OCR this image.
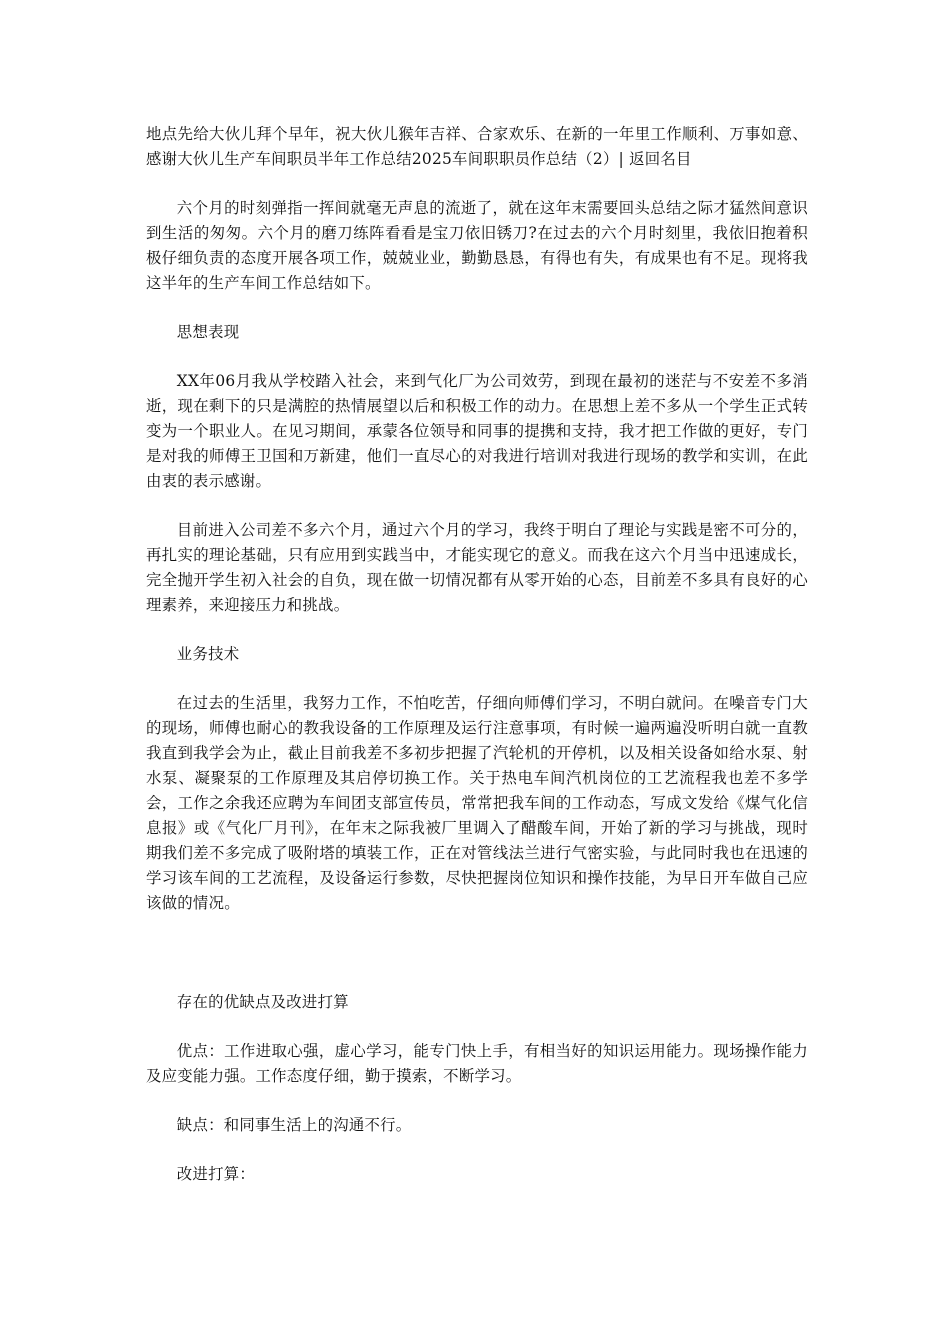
地点先给大伙儿拜个早年，祝大伙儿猴年吉祥、合家欢乐、在新的一年里工作顺利、万事如意、感谢大伙儿生产车间职员半年工作总结2025车间职职员作总结（2）| 返回名目

六个月的时刻弹指一挥间就毫无声息的流逝了，就在这年末需要回头总结之际才猛然间意识到生活的匆匆。六个月的磨刀练阵看看是宝刀依旧锈刀?在过去的六个月时刻里，我依旧抱着积极仔细负责的态度开展各项工作，兢兢业业，勤勤恳恳，有得也有失，有成果也有不足。现将我这半年的生产车间工作总结如下。

思想表现

XX年06月我从学校踏入社会，来到气化厂为公司效劳，到现在最初的迷茫与不安差不多消逝，现在剩下的只是满腔的热情展望以后和积极工作的动力。在思想上差不多从一个学生正式转变为一个职业人。在见习期间，承蒙各位领导和同事的提携和支持，我才把工作做的更好，专门是对我的师傅王卫国和万新建，他们一直尽心的对我进行培训对我进行现场的教学和实训，在此由衷的表示感谢。

目前进入公司差不多六个月，通过六个月的学习，我终于明白了理论与实践是密不可分的，再扎实的理论基础，只有应用到实践当中，才能实现它的意义。而我在这六个月当中迅速成长，完全抛开学生初入社会的自负，现在做一切情况都有从零开始的心态，目前差不多具有良好的心理素养，来迎接压力和挑战。

业务技术

在过去的生活里，我努力工作，不怕吃苦，仔细向师傅们学习，不明白就问。在噪音专门大的现场，师傅也耐心的教我设备的工作原理及运行注意事项，有时候一遍两遍没听明白就一直教我直到我学会为止，截止目前我差不多初步把握了汽轮机的开停机，以及相关设备如给水泵、射水泵、凝聚泵的工作原理及其启停切换工作。关于热电车间汽机岗位的工艺流程我也差不多学会，工作之余我还应聘为车间团支部宣传员，常常把我车间的工作动态，写成文发给《煤气化信息报》或《气化厂月刊》，在年末之际我被厂里调入了醋酸车间，开始了新的学习与挑战，现时期我们差不多完成了吸附塔的填装工作，正在对管线法兰进行气密实验，与此同时我也在迅速的学习该车间的工艺流程，及设备运行参数，尽快把握岗位知识和操作技能，为早日开车做自己应该做的情况。

存在的优缺点及改进打算

优点：工作进取心强，虚心学习，能专门快上手，有相当好的知识运用能力。现场操作能力及应变能力强。工作态度仔细，勤于摸索，不断学习。

缺点：和同事生活上的沟通不行。

改进打算：
